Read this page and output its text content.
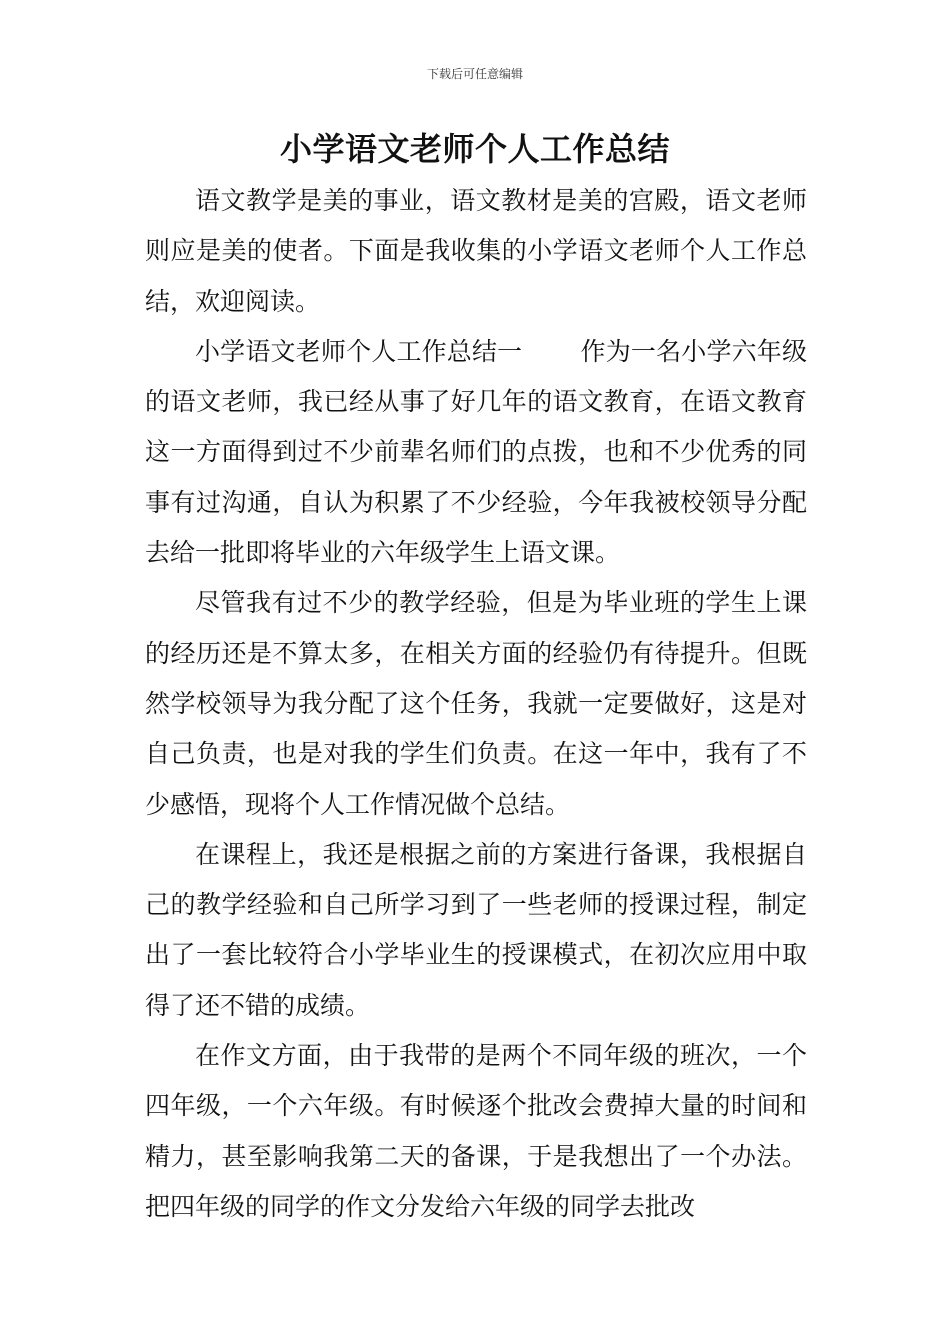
下载后可任意编辑
小学语文老师个人工作总结

语文教学是美的事业，语文教材是美的宫殿，语文老师则应是美的使者。下面是我收集的小学语文老师个人工作总结，欢迎阅读。

小学语文老师个人工作总结一 作为一名小学六年级的语文老师，我已经从事了好几年的语文教育，在语文教育这一方面得到过不少前辈名师们的点拨，也和不少优秀的同事有过沟通，自认为积累了不少经验，今年我被校领导分配去给一批即将毕业的六年级学生上语文课。

尽管我有过不少的教学经验，但是为毕业班的学生上课的经历还是不算太多，在相关方面的经验仍有待提升。但既然学校领导为我分配了这个任务，我就一定要做好，这是对自己负责，也是对我的学生们负责。在这一年中，我有了不少感悟，现将个人工作情况做个总结。

在课程上，我还是根据之前的方案进行备课，我根据自己的教学经验和自己所学习到了一些老师的授课过程，制定出了一套比较符合小学毕业生的授课模式，在初次应用中取得了还不错的成绩。

在作文方面，由于我带的是两个不同年级的班次，一个四年级，一个六年级。有时候逐个批改会费掉大量的时间和精力，甚至影响我第二天的备课，于是我想出了一个办法。把四年级的同学的作文分发给六年级的同学去批改
